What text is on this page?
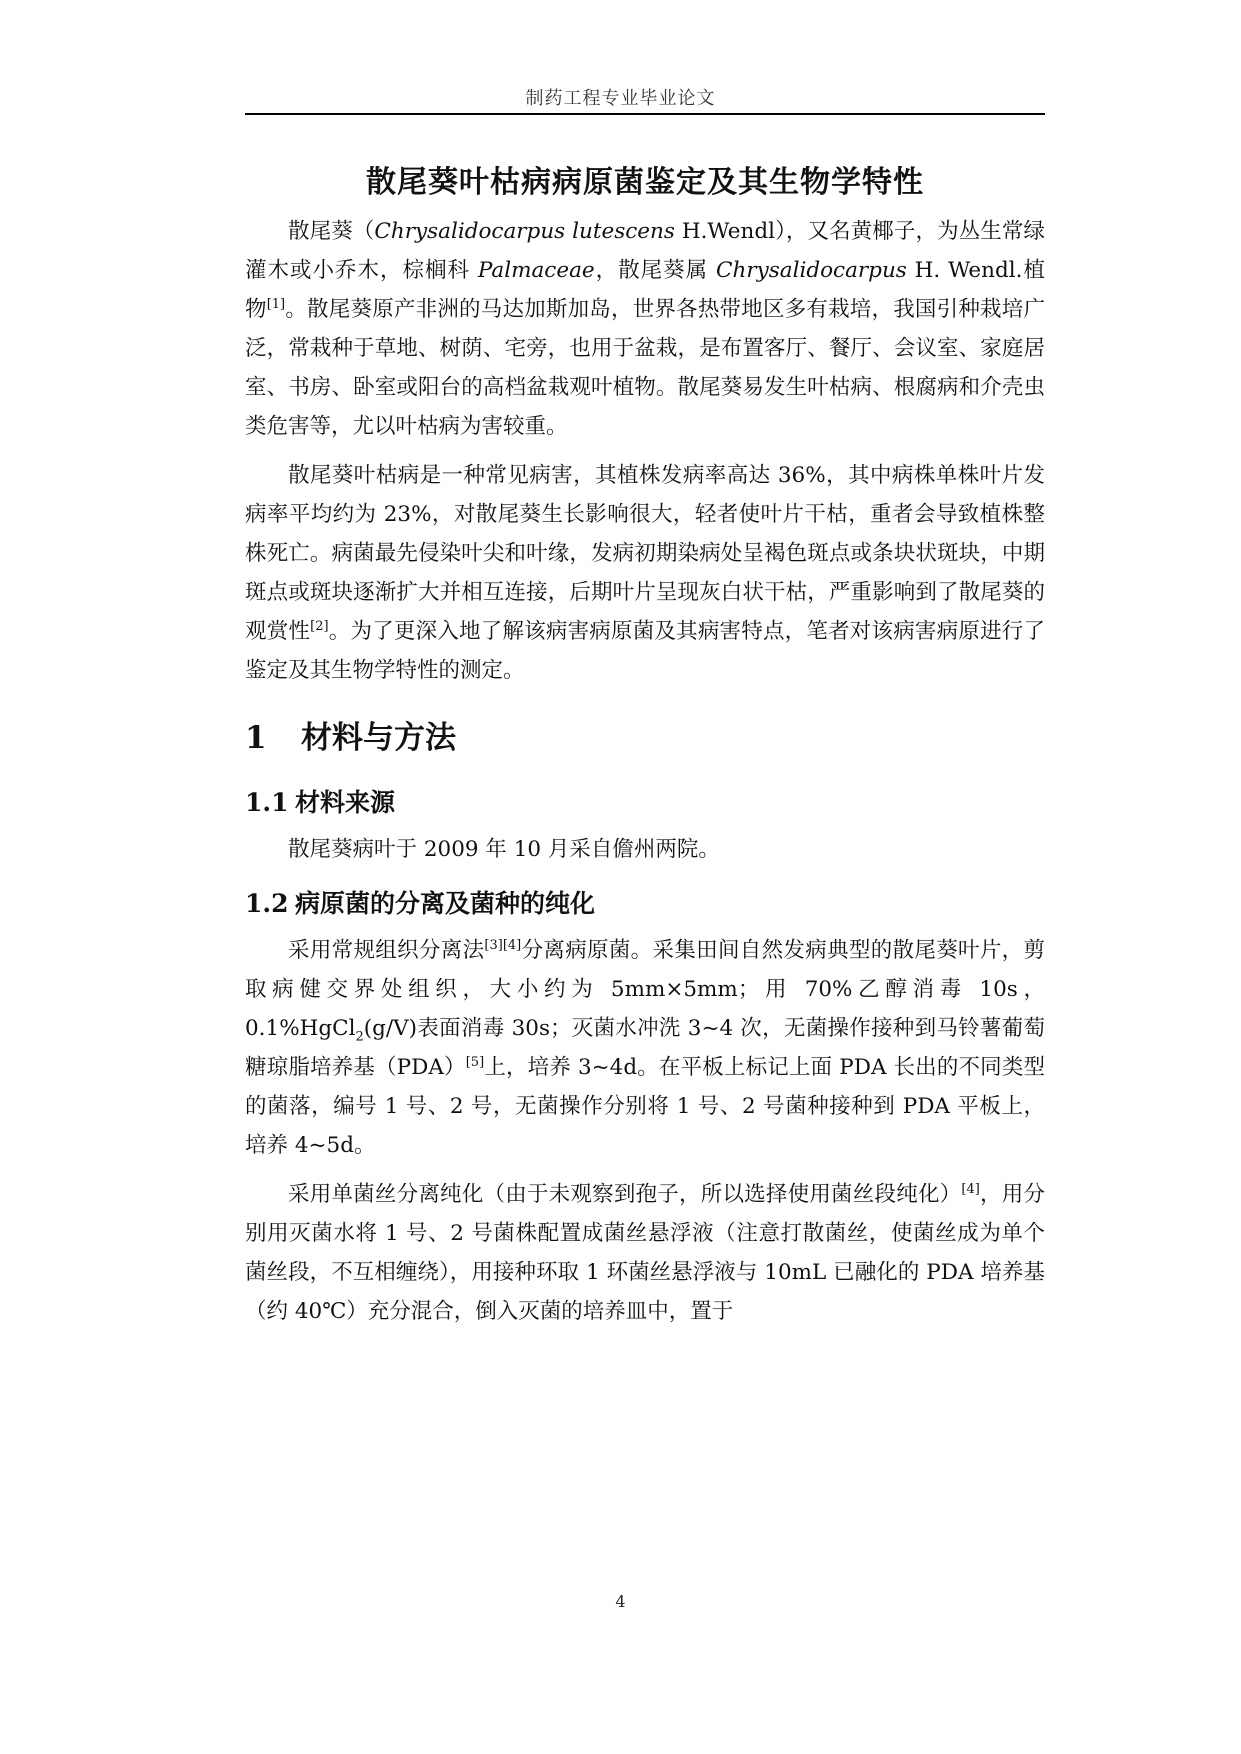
制药工程专业毕业论文
散尾葵叶枯病病原菌鉴定及其生物学特性

散尾葵（Chrysalidocarpus lutescens H.Wendl），又名黄椰子，为丛生常绿灌木或小乔木，棕榈科 Palmaceae，散尾葵属 Chrysalidocarpus H. Wendl.植物[1]。散尾葵原产非洲的马达加斯加岛，世界各热带地区多有栽培，我国引种栽培广泛，常栽种于草地、树荫、宅旁，也用于盆栽，是布置客厅、餐厅、会议室、家庭居室、书房、卧室或阳台的高档盆栽观叶植物。散尾葵易发生叶枯病、根腐病和介壳虫类危害等，尤以叶枯病为害较重。

散尾葵叶枯病是一种常见病害，其植株发病率高达 36%，其中病株单株叶片发病率平均约为 23%，对散尾葵生长影响很大，轻者使叶片干枯，重者会导致植株整株死亡。病菌最先侵染叶尖和叶缘，发病初期染病处呈褐色斑点或条块状斑块，中期斑点或斑块逐渐扩大并相互连接，后期叶片呈现灰白状干枯，严重影响到了散尾葵的观赏性[2]。为了更深入地了解该病害病原菌及其病害特点，笔者对该病害病原进行了鉴定及其生物学特性的测定。

1 材料与方法
1.1 材料来源

散尾葵病叶于 2009 年 10 月采自儋州两院。

1.2 病原菌的分离及菌种的纯化

采用常规组织分离法[3][4]分离病原菌。采集田间自然发病典型的散尾葵叶片，剪取病健交界处组织，大小约为 5mm×5mm；用 70%乙醇消毒 10s，0.1%HgCl$_2$(g/V)表面消毒 30s；灭菌水冲洗 3~4 次，无菌操作接种到马铃薯葡萄糖琼脂培养基（PDA）[5]上，培养 3~4d。在平板上标记上面 PDA 长出的不同类型的菌落，编号 1 号、2 号，无菌操作分别将 1 号、2 号菌种接种到 PDA 平板上，培养 4~5d。

采用单菌丝分离纯化（由于未观察到孢子，所以选择使用菌丝段纯化）[4]，用分别用灭菌水将 1 号、2 号菌株配置成菌丝悬浮液（注意打散菌丝，使菌丝成为单个菌丝段，不互相缠绕），用接种环取 1 环菌丝悬浮液与 10mL 已融化的 PDA 培养基（约 40℃）充分混合，倒入灭菌的培养皿中，置于

4
